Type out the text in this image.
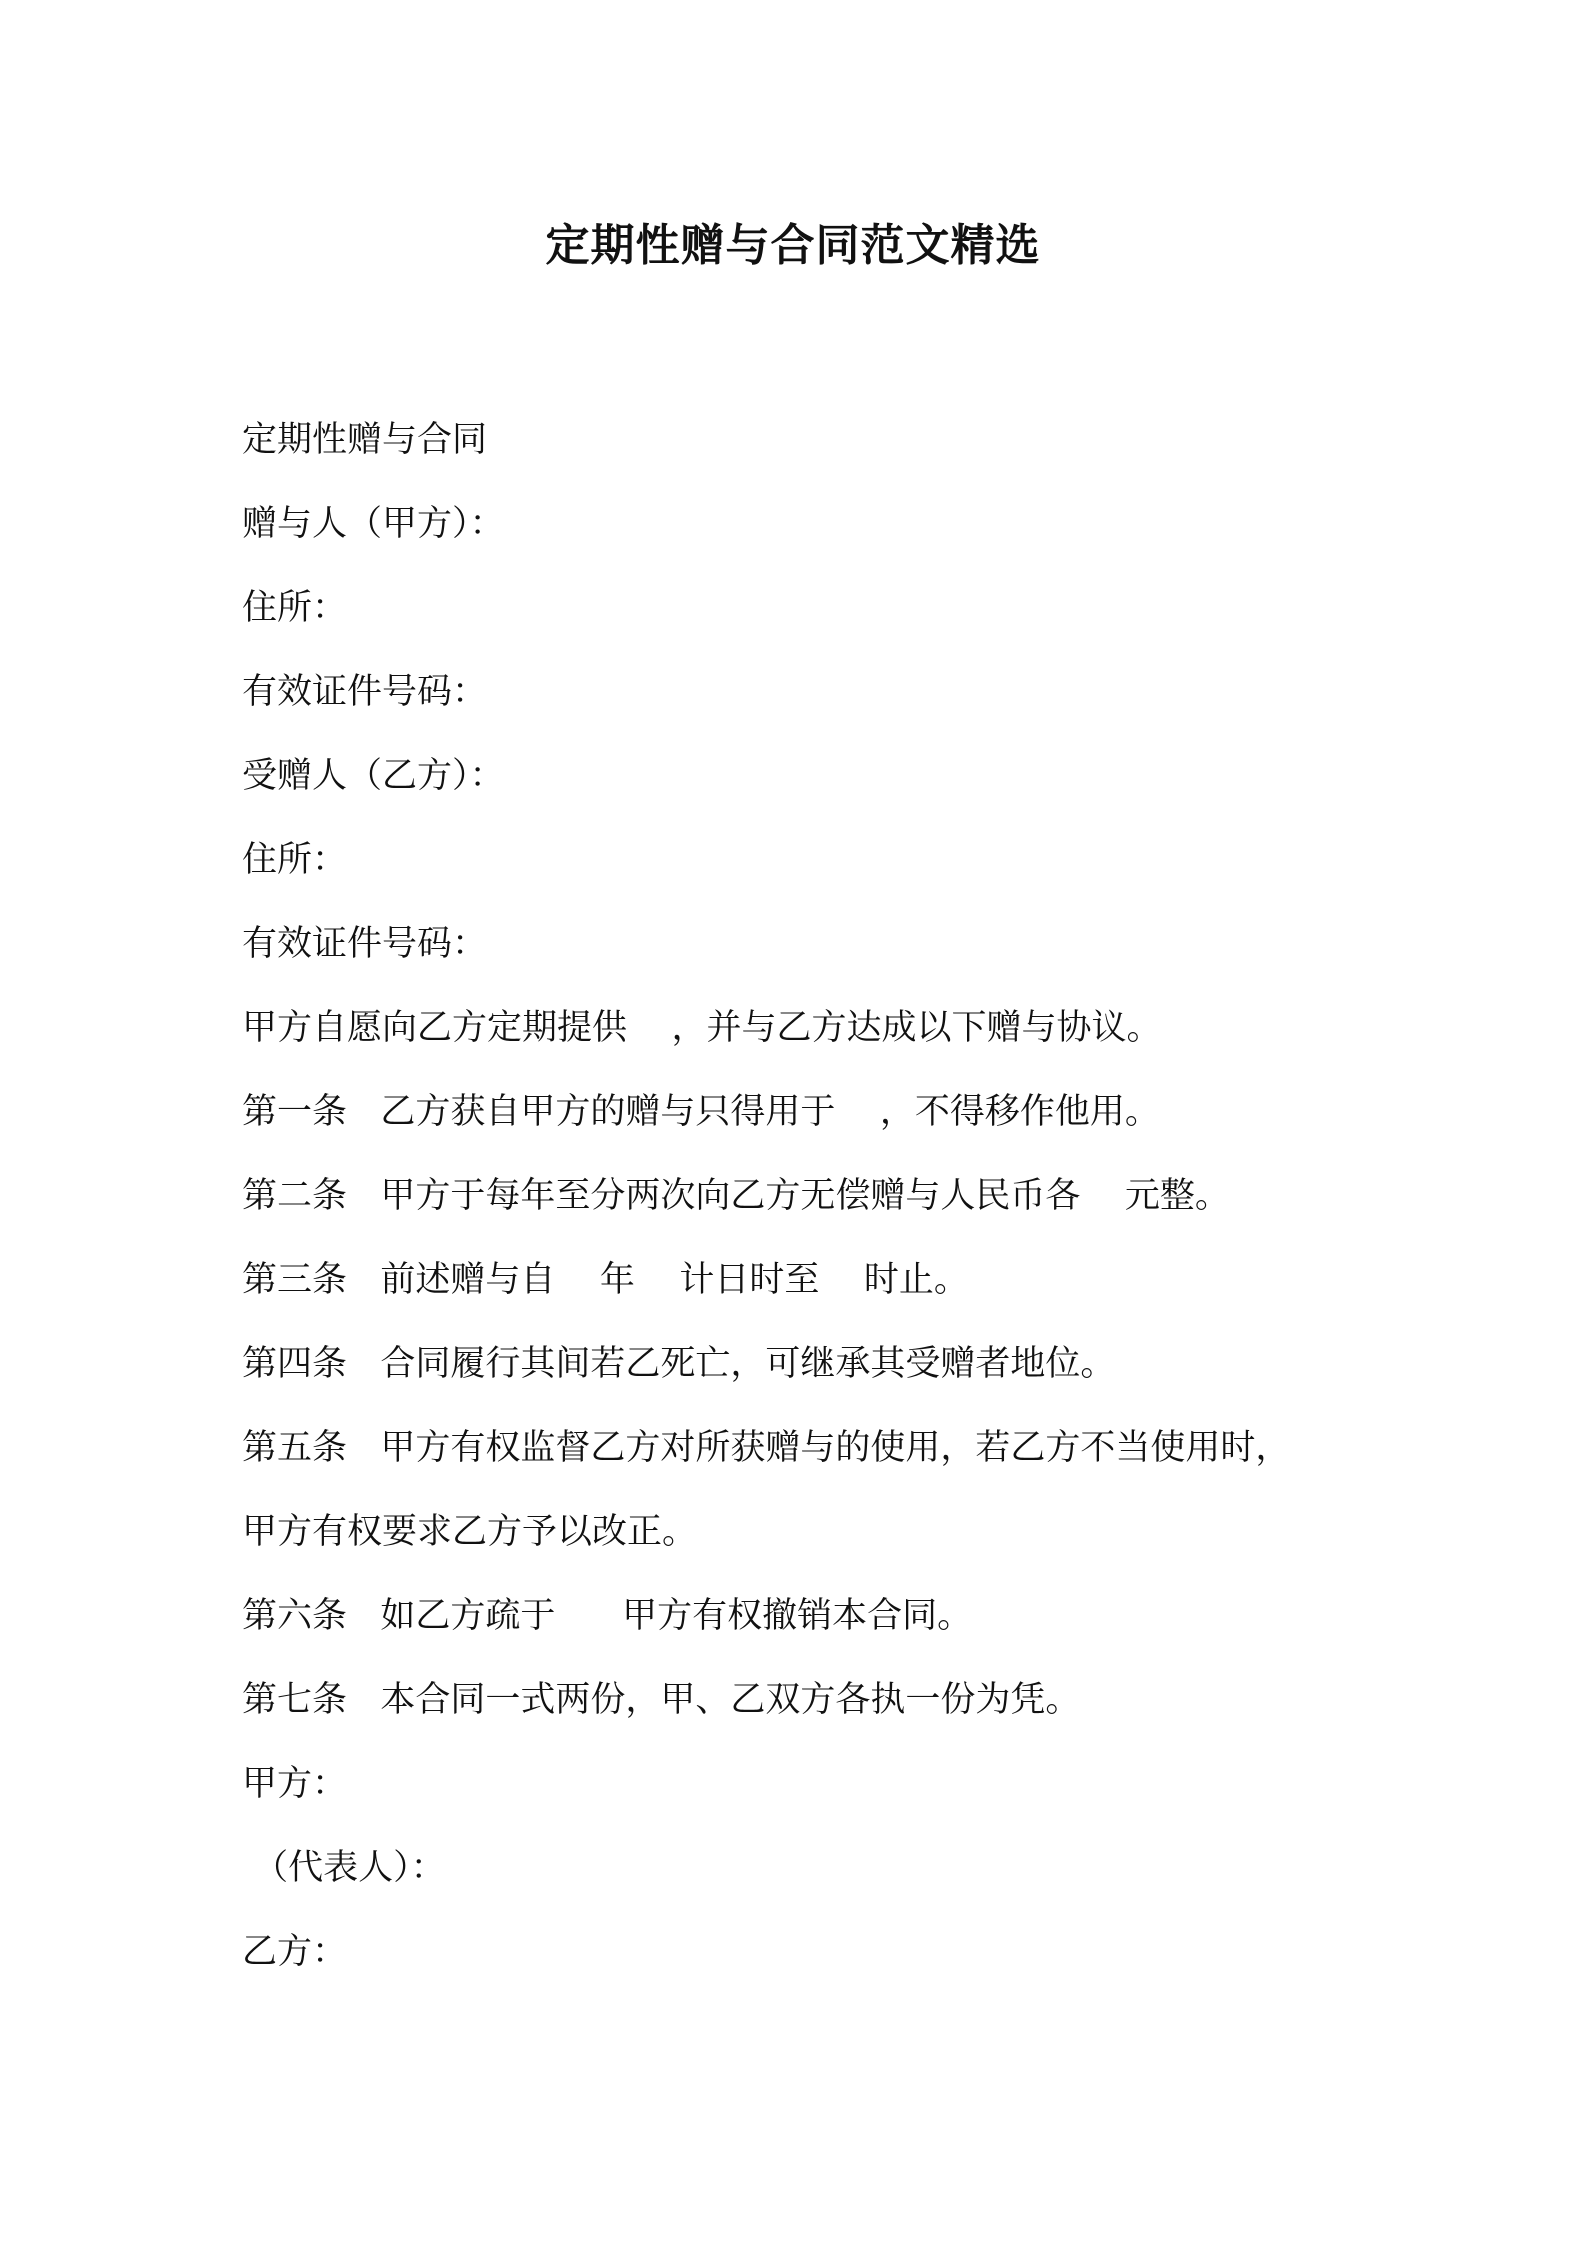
定期性赠与合同范文精选

定期性赠与合同

赠与人（甲方）：

住所：

有效证件号码：

受赠人（乙方）：

住所：

有效证件号码：

甲方自愿向乙方定期提供    ，并与乙方达成以下赠与协议。

第一条   乙方获自甲方的赠与只得用于    ，不得移作他用。

第二条   甲方于每年至分两次向乙方无偿赠与人民币各    元整。

第三条   前述赠与自    年    计日时至    时止。

第四条   合同履行其间若乙死亡，可继承其受赠者地位。

第五条   甲方有权监督乙方对所获赠与的使用，若乙方不当使用时，

甲方有权要求乙方予以改正。

第六条   如乙方疏于      甲方有权撤销本合同。

第七条   本合同一式两份，甲、乙双方各执一份为凭。

甲方：

（代表人）：

乙方：
